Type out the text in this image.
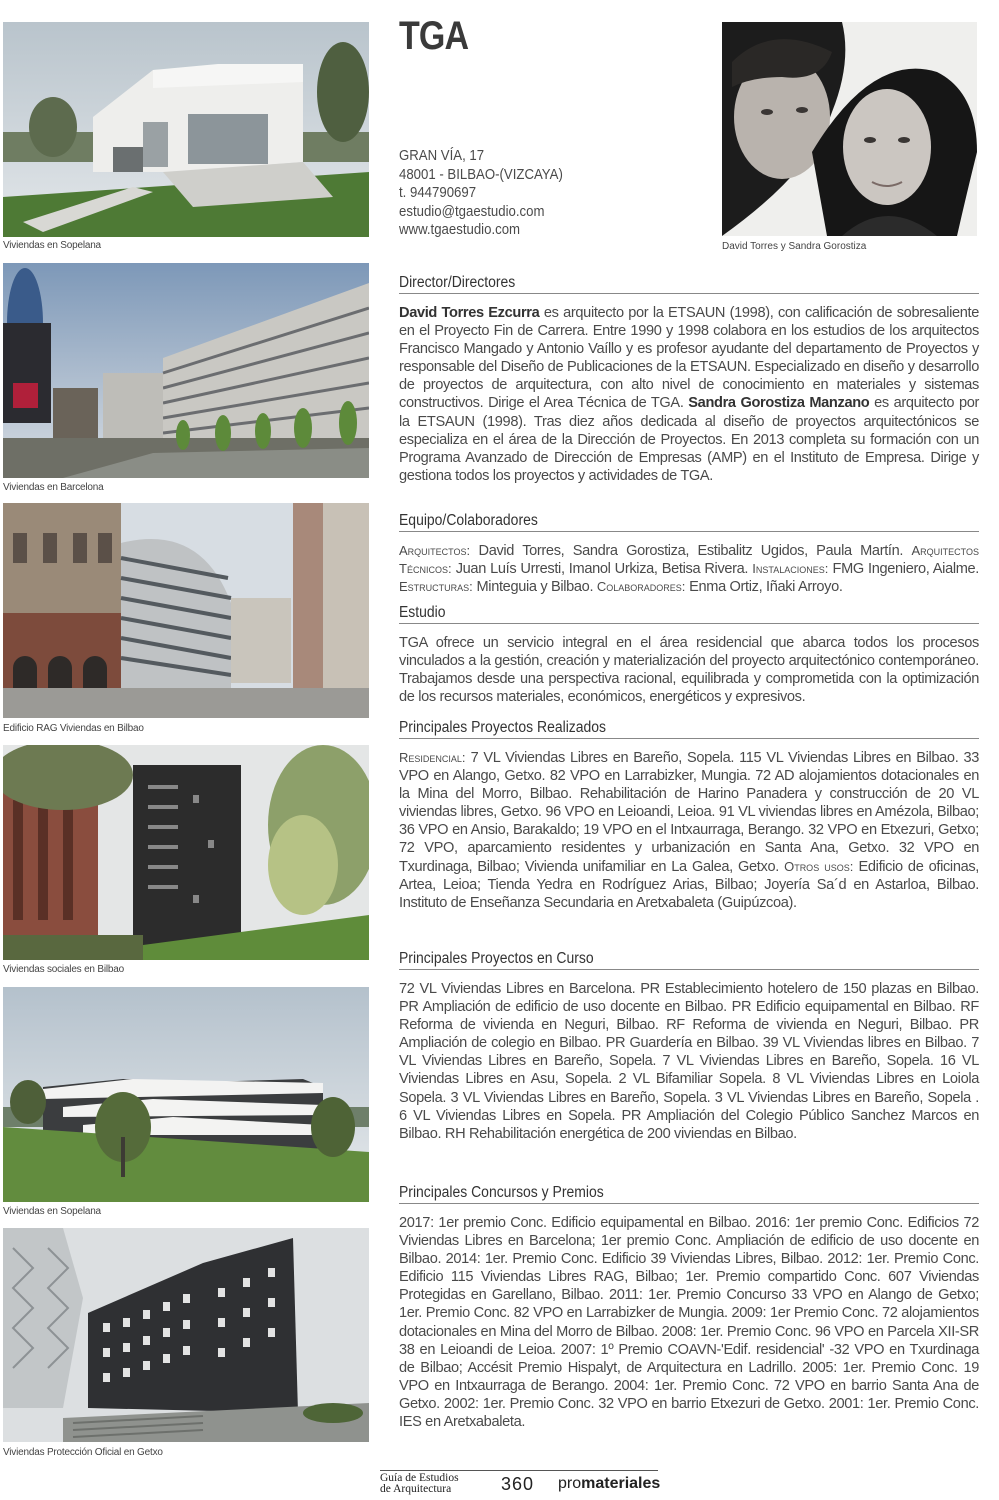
Viviendas en Sopelana
Viviendas en Barcelona
Edificio RAG Viviendas en Bilbao
Viviendas sociales en Bilbao
Viviendas en Sopelana
Viviendas Protección Oficial en Getxo
TGA
GRAN VÍA, 17
48001 - BILBAO-(VIZCAYA)
t. 944790697
estudio@tgaestudio.com
www.tgaestudio.com
David Torres y Sandra Gorostiza
Director/Directores
David Torres Ezcurra es arquitecto por la ETSAUN (1998), con calificación de sobresaliente en el Proyecto Fin de Carrera. Entre 1990 y 1998 colabora en los estudios de los arquitectos Francisco Mangado y Antonio Vaíllo y es profesor ayudante del departamento de Proyectos y responsable del Diseño de Publicaciones de la ETSAUN. Especializado en diseño y desarrollo de proyectos de arquitectura, con alto nivel de conocimiento en materiales y sistemas constructivos. Dirige el Area Técnica de TGA. Sandra Gorostiza Manzano es arquitecto por la ETSAUN (1998). Tras diez años dedicada al diseño de proyectos arquitectónicos se especializa en el área de la Dirección de Proyectos. En 2013 completa su formación con un Programa Avanzado de Dirección de Empresas (AMP) en el Instituto de Empresa. Dirige y gestiona todos los proyectos y actividades de TGA.
Equipo/Colaboradores
Arquitectos: David Torres, Sandra Gorostiza, Estibalitz Ugidos, Paula Martín. Arquitectos Técnicos: Juan Luís Urresti, Imanol Urkiza, Betisa Rivera. Instalaciones: FMG Ingeniero, Aialme. Estructuras: Minteguia y Bilbao. Colaboradores: Enma Ortiz, Iñaki Arroyo.
Estudio
TGA ofrece un servicio integral en el área residencial que abarca todos los procesos vinculados a la gestión, creación y materialización del proyecto arquitectónico contemporáneo. Trabajamos desde una perspectiva racional, equilibrada y comprometida con la optimización de los recursos materiales, económicos, energéticos y expresivos.
Principales Proyectos Realizados
Residencial: 7 VL Viviendas Libres en Bareño, Sopela. 115 VL Viviendas Libres en Bilbao. 33 VPO en Alango, Getxo. 82 VPO en Larrabizker, Mungia. 72 AD alojamientos dotacionales en la Mina del Morro, Bilbao. Rehabilitación de Harino Panadera y construcción de 20 VL viviendas libres, Getxo. 96 VPO en Leioandi, Leioa. 91 VL viviendas libres en Amézola, Bilbao; 36 VPO en Ansio, Barakaldo; 19 VPO en el Intxaurraga, Berango. 32 VPO en Etxezuri, Getxo; 72 VPO, aparcamiento residentes y urbanización en Santa Ana, Getxo. 32 VPO en Txurdinaga, Bilbao; Vivienda unifamiliar en La Galea, Getxo. Otros usos: Edificio de oficinas, Artea, Leioa; Tienda Yedra en Rodríguez Arias, Bilbao; Joyería Sa´d en Astarloa, Bilbao. Instituto de Enseñanza Secundaria en Aretxabaleta (Guipúzcoa).
Principales Proyectos en Curso
72 VL Viviendas Libres en Barcelona. PR Establecimiento hotelero de 150 plazas en Bilbao. PR Ampliación de edificio de uso docente en Bilbao. PR Edificio equipamental en Bilbao. RF Reforma de vivienda en Neguri, Bilbao. RF Reforma de vivienda en Neguri, Bilbao. PR Ampliación de colegio en Bilbao. PR Guardería en Bilbao. 39 VL Viviendas libres en Bilbao. 7 VL Viviendas Libres en Bareño, Sopela. 7 VL Viviendas Libres en Bareño, Sopela. 16 VL Viviendas Libres en Asu, Sopela. 2 VL Bifamiliar Sopela. 8 VL Viviendas Libres en Loiola Sopela. 3 VL Viviendas Libres en Bareño, Sopela. 3 VL Viviendas Libres en Bareño, Sopela . 6 VL Viviendas Libres en Sopela. PR Ampliación del Colegio Público Sanchez Marcos en Bilbao. RH Rehabilitación energética de 200 viviendas en Bilbao.
Principales Concursos y Premios
2017: 1er premio Conc. Edificio equipamental en Bilbao. 2016: 1er premio Conc. Edificios 72 Viviendas Libres en Barcelona; 1er premio Conc. Ampliación de edificio de uso docente en Bilbao. 2014: 1er. Premio Conc. Edificio 39 Viviendas Libres, Bilbao. 2012: 1er. Premio Conc. Edificio 115 Viviendas Libres RAG, Bilbao; 1er. Premio compartido Conc. 607 Viviendas Protegidas en Garellano, Bilbao. 2011: 1er. Premio Concurso 33 VPO en Alango de Getxo; 1er. Premio Conc. 82 VPO en Larrabizker de Mungia. 2009: 1er Premio Conc. 72 alojamientos dotacionales en Mina del Morro de Bilbao. 2008: 1er. Premio Conc. 96 VPO en Parcela XII-SR 38 en Leioandi de Leioa. 2007: 1º Premio COAVN-'Edif. residencial' -32 VPO en Txurdinaga de Bilbao; Accésit Premio Hispalyt, de Arquitectura en Ladrillo. 2005: 1er. Premio Conc. 19 VPO en Intxaurraga de Berango. 2004: 1er. Premio Conc. 72 VPO en barrio Santa Ana de Getxo. 2002: 1er. Premio Conc. 32 VPO en barrio Etxezuri de Getxo. 2001: 1er. Premio Conc. IES en Aretxabaleta.
Guía de Estudios
de Arquitectura	360 promateriales
